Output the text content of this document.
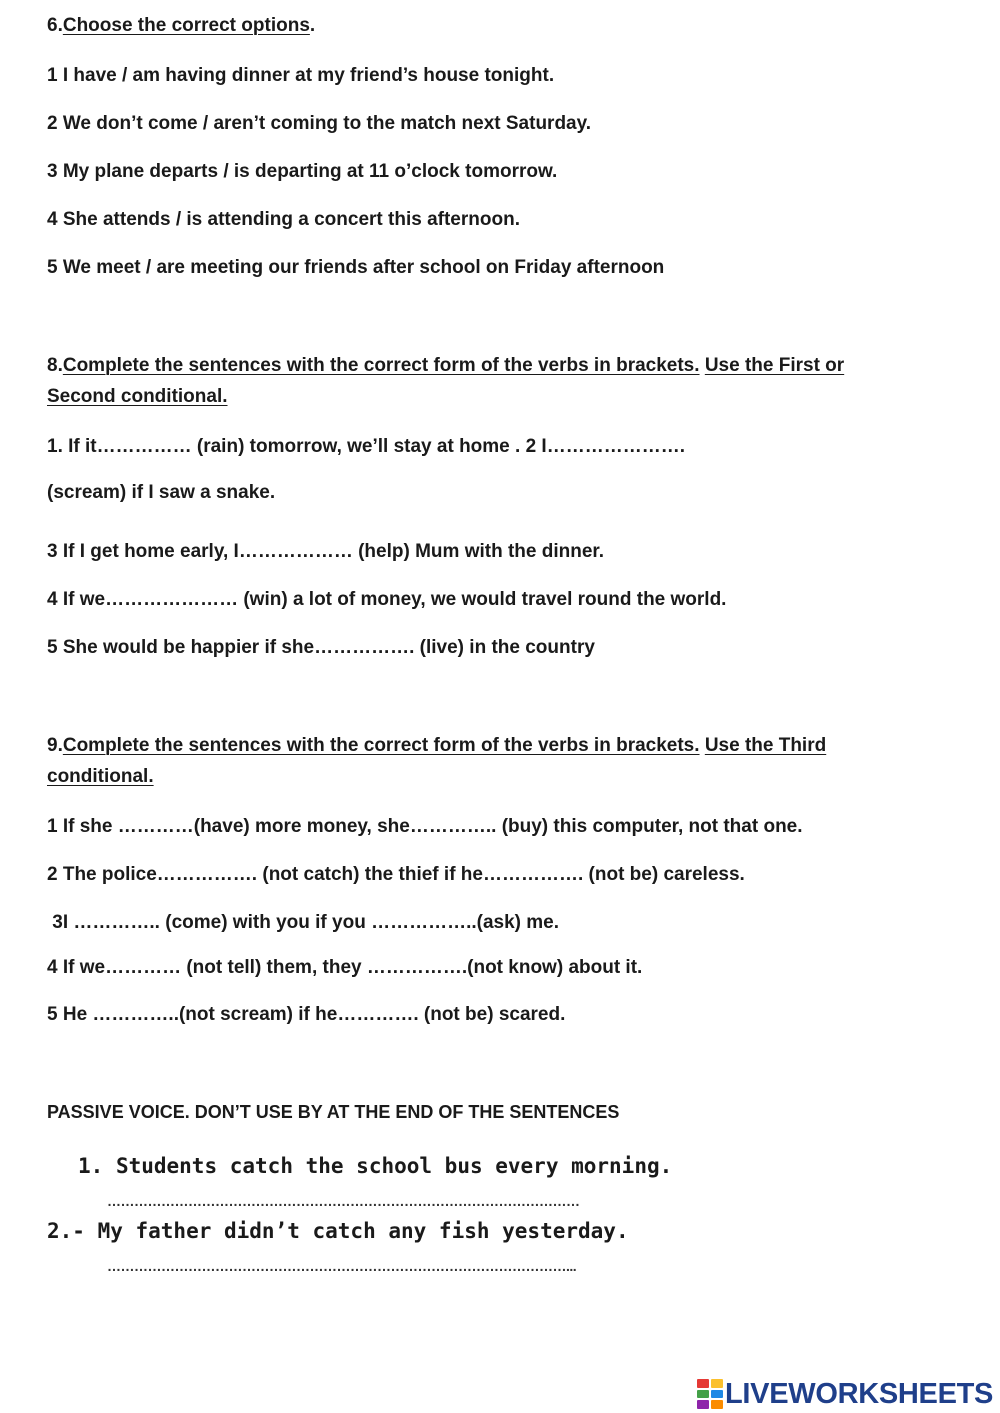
6.Choose the correct options.
1 I have / am having dinner at my friend’s house tonight.
2 We don’t come / aren’t coming to the match next Saturday.
3 My plane departs / is departing at 11 o’clock tomorrow.
4 She attends / is attending a concert this afternoon.
5 We meet / are meeting our friends after school on Friday afternoon
8.Complete the sentences with the correct form of the verbs in brackets. Use the First or
Second conditional.
1. If it…………… (rain) tomorrow, we’ll stay at home . 2 I………………….
(scream) if I saw a snake.
3 If I get home early, I……………… (help) Mum with the dinner.
4 If we………………… (win) a lot of money, we would travel round the world.
5 She would be happier if she……………. (live) in the country
9.Complete the sentences with the correct form of the verbs in brackets. Use the Third
conditional.
1 If she …………(have) more money, she………….. (buy) this computer, not that one.
2 The police……………. (not catch) the thief if he……………. (not be) careless.
3I ………….. (come) with you if you ……………..(ask) me.
4 If we………… (not tell) them, they …………….(not know) about it.
5 He …………..(not scream) if he…………. (not be) scared.
PASSIVE VOICE. DON’T USE BY AT THE END OF THE SENTENCES
1. Students catch the school bus every morning.
……………………………………………………………………………………………
2.- My father didn’t catch any fish yesterday.
…………………………………………………………………………………………...
LIVEWORKSHEETS
